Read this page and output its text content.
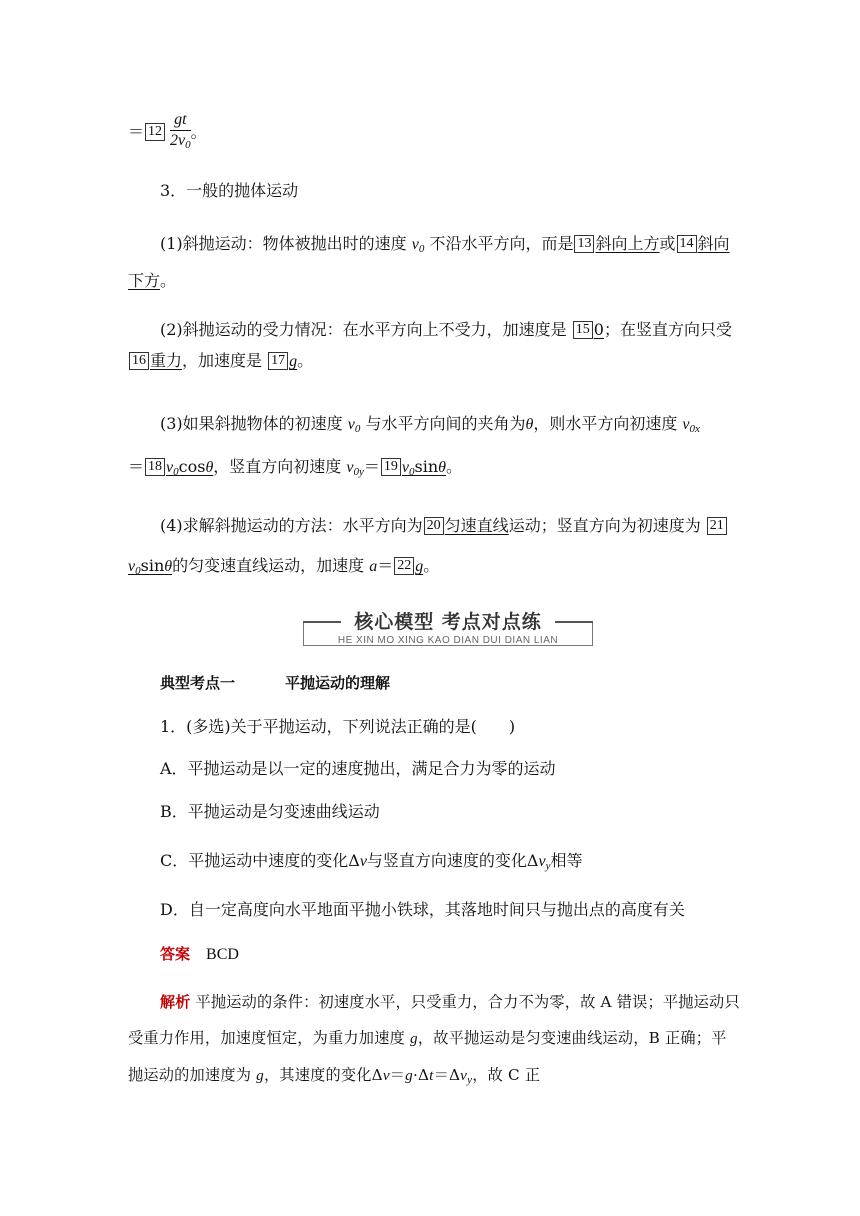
＝ $12 \frac{gt}{2v_0}$ 。
3．一般的抛体运动
(1)斜抛运动：物体被抛出时的速度 $v_0$ 不沿水平方向，而是 13 斜向上方或 14 斜向下方。
(2)斜抛运动的受力情况：在水平方向上不受力，加速度是 15 0；在竖直方向只受16 重力，加速度是 17 g。
(3)如果斜抛物体的初速度 $v_0$ 与水平方向间的夹角为θ，则水平方向初速度 $v_{0x}$
＝ 18 $v_0\cos\theta$，竖直方向初速度 $v_{0y}= 19$ $v_0\sin\theta$。
(4)求解斜抛运动的方法：水平方向为 20 匀速直线运动；竖直方向为初速度为 $21v_0\sin\theta$的匀变速直线运动，加速度 a＝ 22 g。
核心模型 考点对点练
HE XIN MO XING KAO DIAN DUI DIAN LIAN
典型考点一	平抛运动的理解
1．(多选)关于平抛运动，下列说法正确的是(　　)
A．平抛运动是以一定的速度抛出，满足合力为零的运动
B．平抛运动是匀变速曲线运动
C．平抛运动中速度的变化Δv与竖直方向速度的变化$\Delta v_y$相等
D．自一定高度向水平地面平抛小铁球，其落地时间只与抛出点的高度有关
答案 BCD
解析 平抛运动的条件：初速度水平，只受重力，合力不为零，故 A 错误；平抛运动只受重力作用，加速度恒定，为重力加速度 g，故平抛运动是匀变速曲线运动，B 正确；平抛运动的加速度为 g，其速度的变化$\Delta v=g\cdot\Delta t=\Delta v_y$，故 C 正
